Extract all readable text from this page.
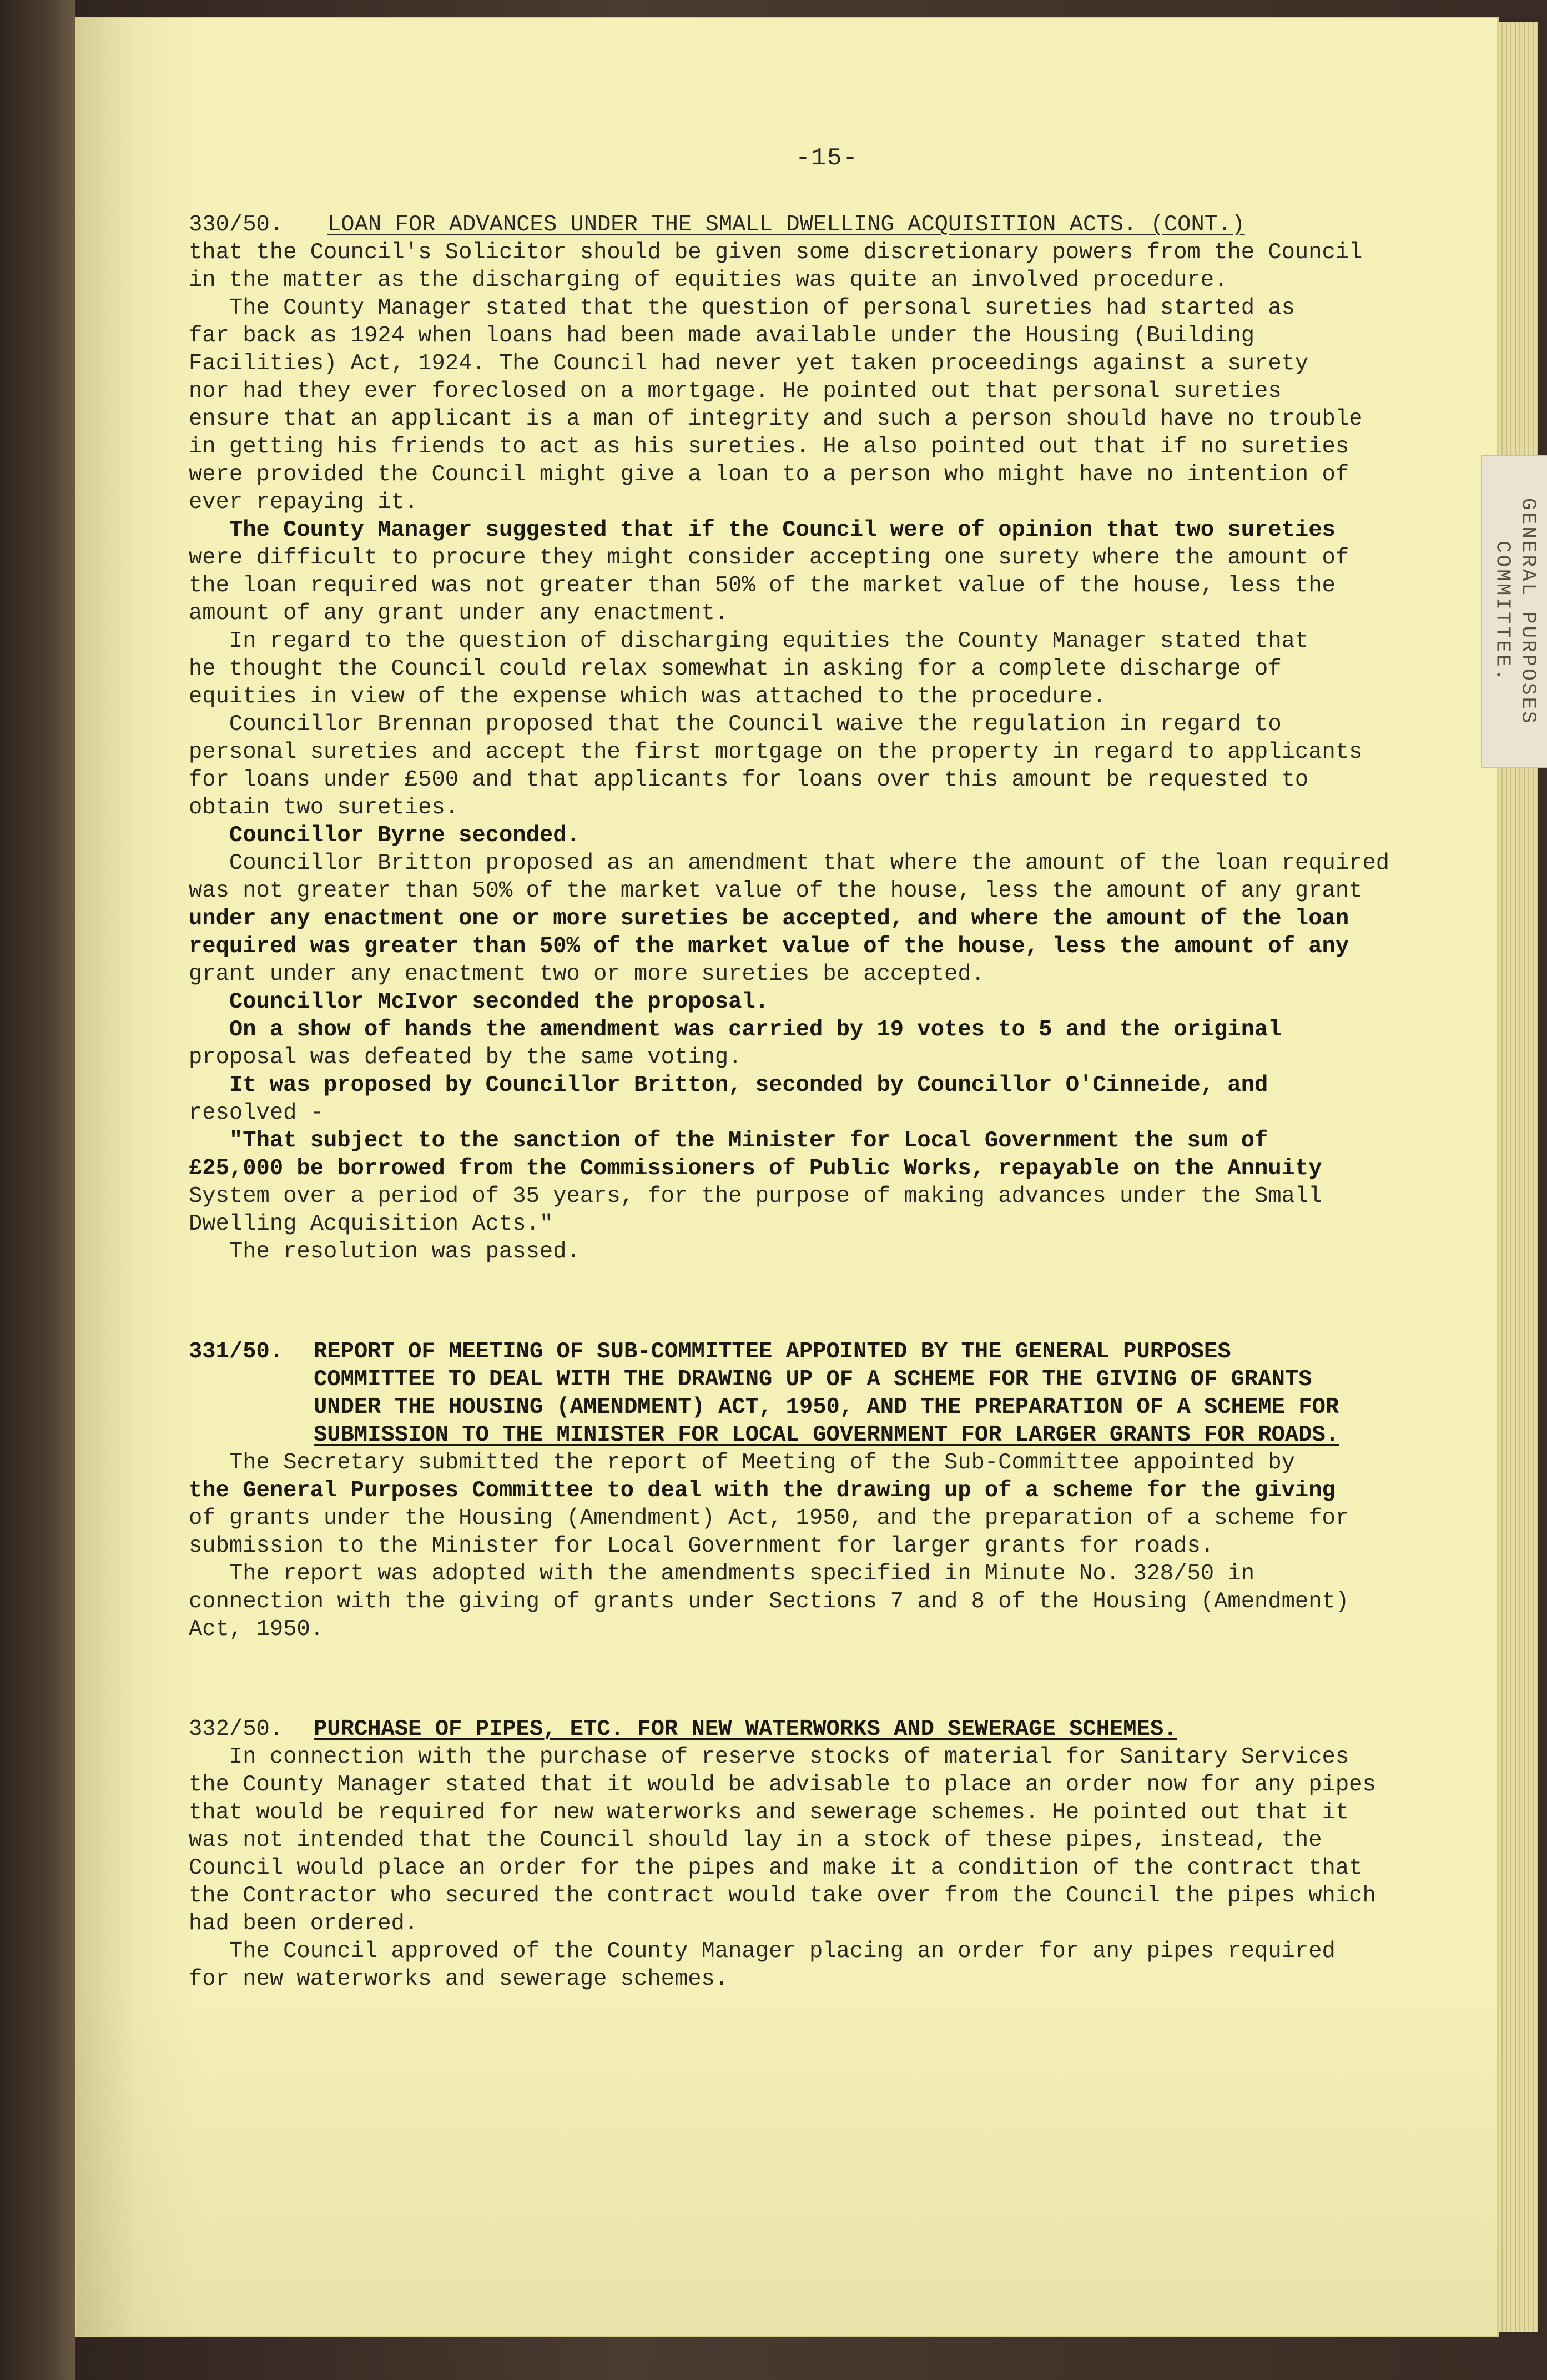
-15-
330/50.	LOAN FOR ADVANCES UNDER THE SMALL DWELLING ACQUISITION ACTS. (CONT.)
that the Council's Solicitor should be given some discretionary powers from the Council
in the matter as the discharging of equities was quite an involved procedure.
The County Manager stated that the question of personal sureties had started as
far back as 1924 when loans had been made available under the Housing (Building
Facilities) Act, 1924. The Council had never yet taken proceedings against a surety
nor had they ever foreclosed on a mortgage. He pointed out that personal sureties
ensure that an applicant is a man of integrity and such a person should have no trouble
in getting his friends to act as his sureties. He also pointed out that if no sureties
were provided the Council might give a loan to a person who might have no intention of
ever repaying it.
The County Manager suggested that if the Council were of opinion that two sureties
were difficult to procure they might consider accepting one surety where the amount of
the loan required was not greater than 50% of the market value of the house, less the
amount of any grant under any enactment.
In regard to the question of discharging equities the County Manager stated that
he thought the Council could relax somewhat in asking for a complete discharge of
equities in view of the expense which was attached to the procedure.
Councillor Brennan proposed that the Council waive the regulation in regard to
personal sureties and accept the first mortgage on the property in regard to applicants
for loans under £500 and that applicants for loans over this amount be requested to
obtain two sureties.
Councillor Byrne seconded.
Councillor Britton proposed as an amendment that where the amount of the loan required
was not greater than 50% of the market value of the house, less the amount of any grant
under any enactment one or more sureties be accepted, and where the amount of the loan
required was greater than 50% of the market value of the house, less the amount of any
grant under any enactment two or more sureties be accepted.
Councillor McIvor seconded the proposal.
On a show of hands the amendment was carried by 19 votes to 5 and the original
proposal was defeated by the same voting.
It was proposed by Councillor Britton, seconded by Councillor O'Cinneide, and
resolved -
"That subject to the sanction of the Minister for Local Government the sum of
£25,000 be borrowed from the Commissioners of Public Works, repayable on the Annuity
System over a period of 35 years, for the purpose of making advances under the Small
Dwelling Acquisition Acts."
The resolution was passed.
331/50.	REPORT OF MEETING OF SUB-COMMITTEE APPOINTED BY THE GENERAL PURPOSES
COMMITTEE TO DEAL WITH THE DRAWING UP OF A SCHEME FOR THE GIVING OF GRANTS
UNDER THE HOUSING (AMENDMENT) ACT, 1950, AND THE PREPARATION OF A SCHEME FOR
SUBMISSION TO THE MINISTER FOR LOCAL GOVERNMENT FOR LARGER GRANTS FOR ROADS.
The Secretary submitted the report of Meeting of the Sub-Committee appointed by
the General Purposes Committee to deal with the drawing up of a scheme for the giving
of grants under the Housing (Amendment) Act, 1950, and the preparation of a scheme for
submission to the Minister for Local Government for larger grants for roads.
The report was adopted with the amendments specified in Minute No. 328/50 in
connection with the giving of grants under Sections 7 and 8 of the Housing (Amendment)
Act, 1950.
332/50.	PURCHASE OF PIPES, ETC. FOR NEW WATERWORKS AND SEWERAGE SCHEMES.
In connection with the purchase of reserve stocks of material for Sanitary Services
the County Manager stated that it would be advisable to place an order now for any pipes
that would be required for new waterworks and sewerage schemes. He pointed out that it
was not intended that the Council should lay in a stock of these pipes, instead, the
Council would place an order for the pipes and make it a condition of the contract that
the Contractor who secured the contract would take over from the Council the pipes which
had been ordered.
The Council approved of the County Manager placing an order for any pipes required
for new waterworks and sewerage schemes.
GENERAL PURPOSES
COMMITTEE.
